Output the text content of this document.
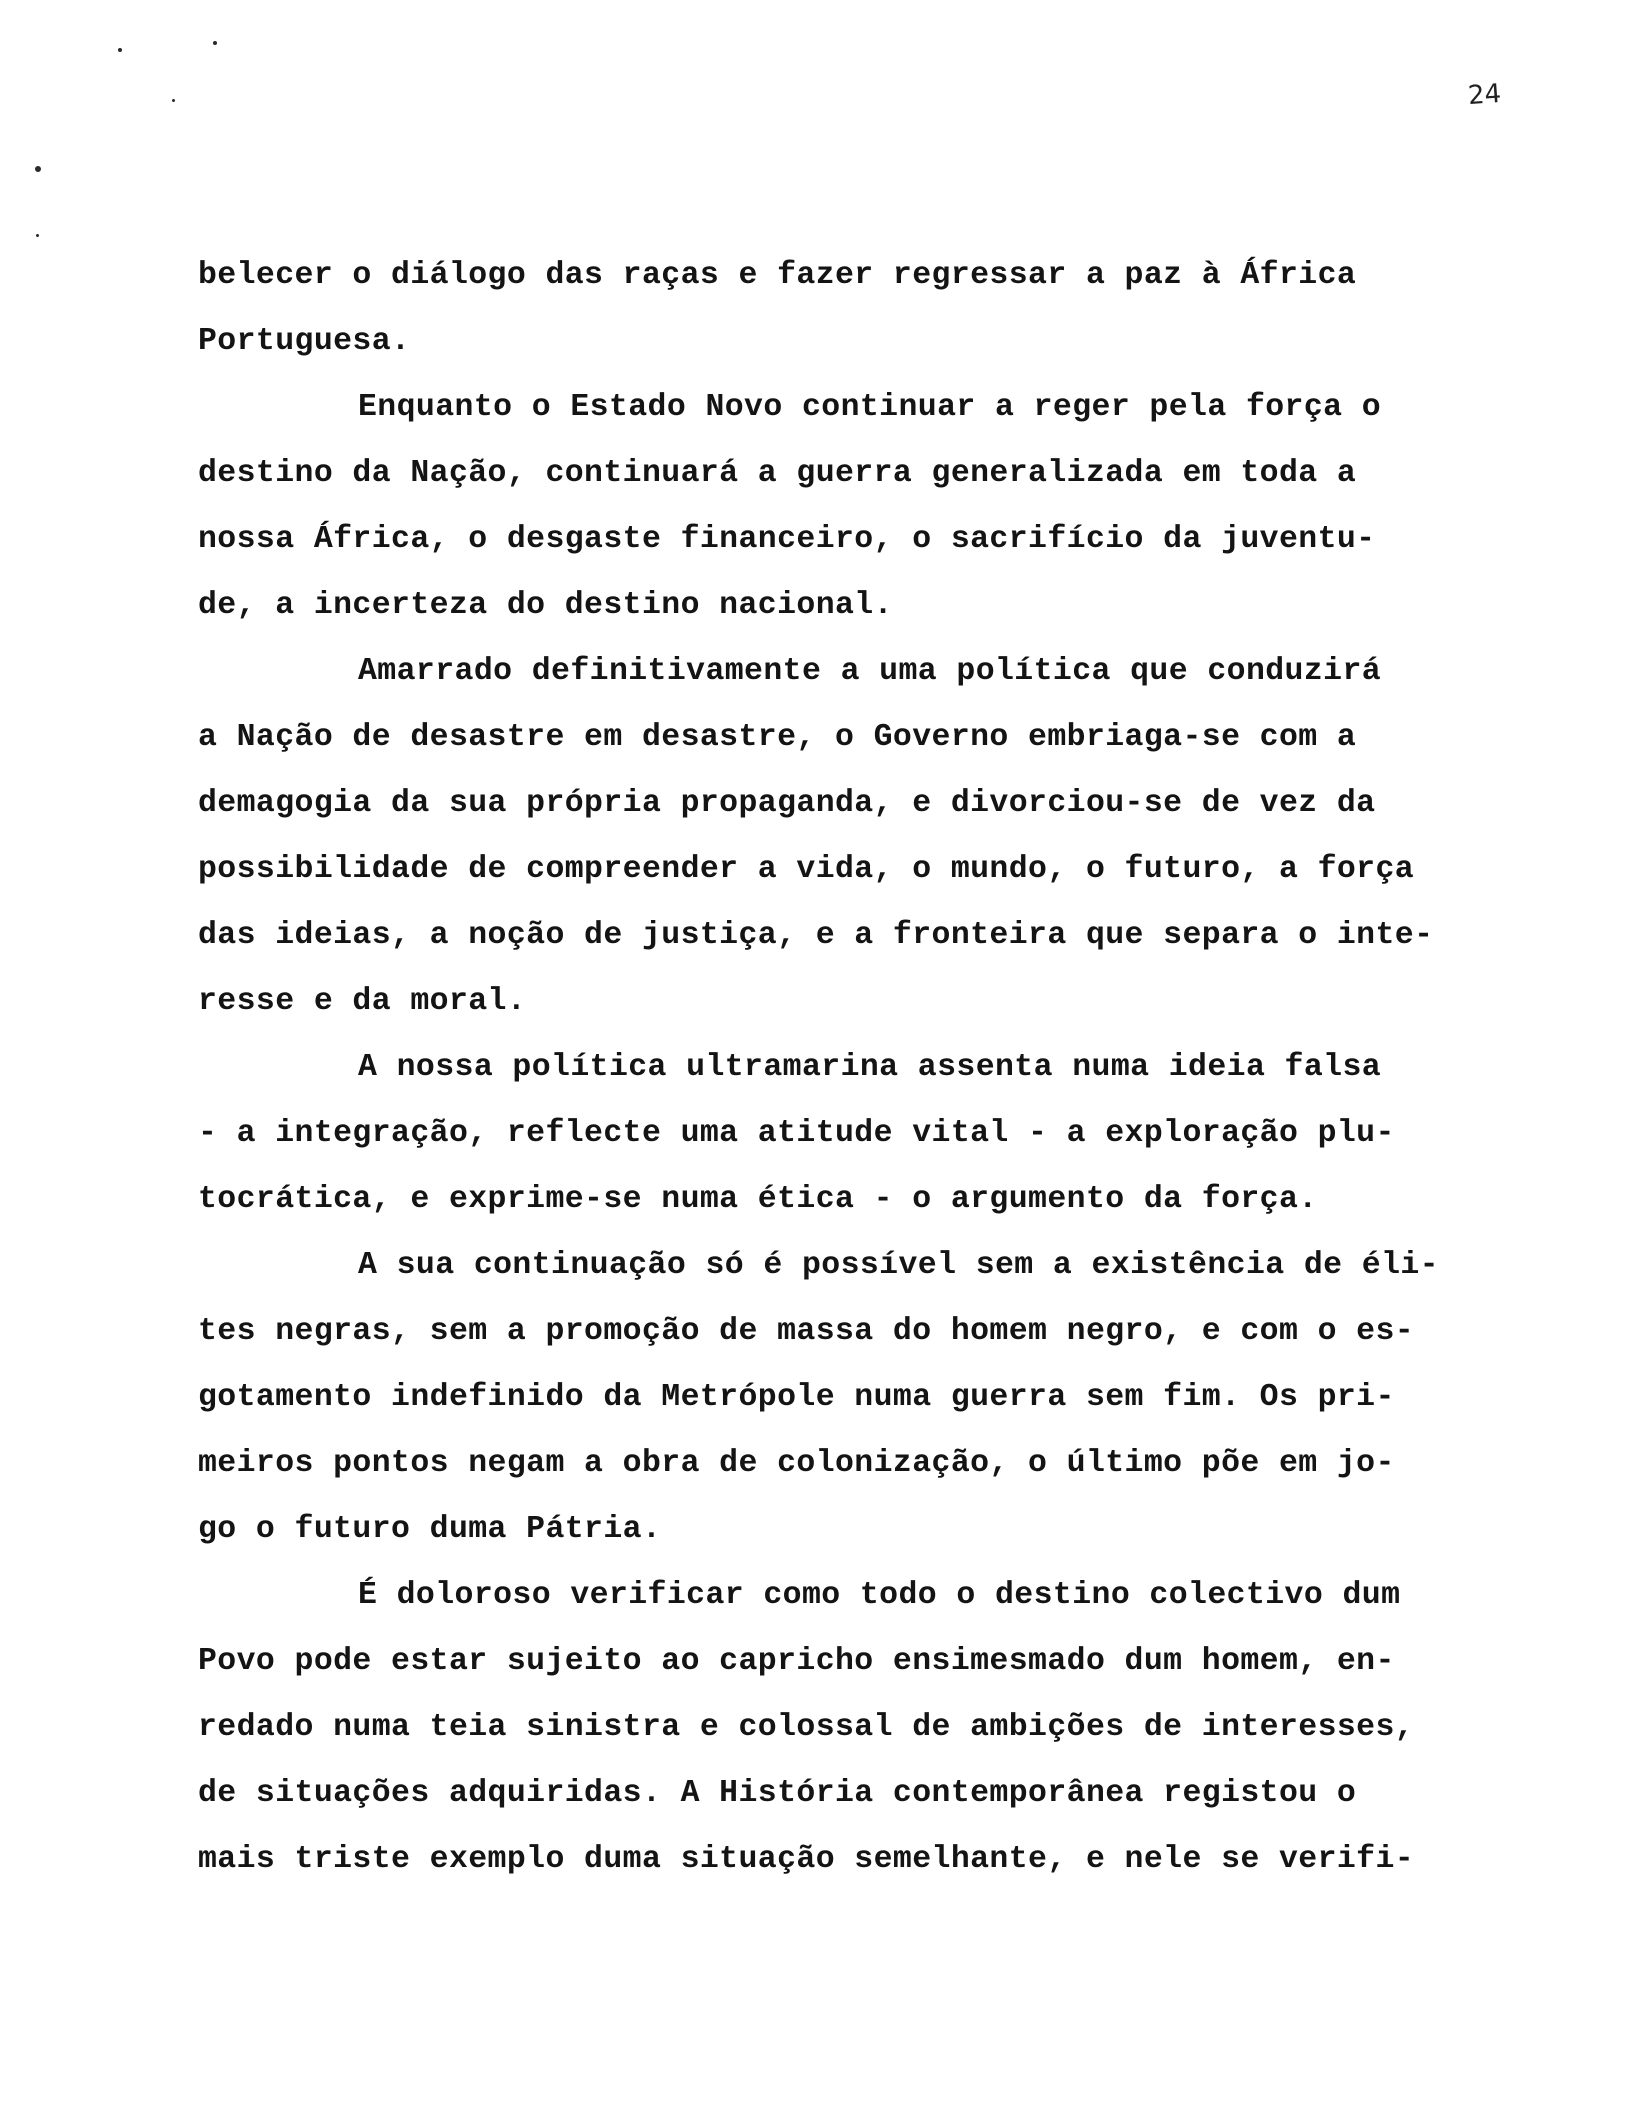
24
belecer o diálogo das raças e fazer regressar a paz à África
Portuguesa.
Enquanto o Estado Novo continuar a reger pela força o
destino da Nação, continuará a guerra generalizada em toda a
nossa África, o desgaste financeiro, o sacrifício da juventu-
de, a incerteza do destino nacional.
Amarrado definitivamente a uma política que conduzirá
a Nação de desastre em desastre, o Governo embriaga-se com a
demagogia da sua própria propaganda, e divorciou-se de vez da
possibilidade de compreender a vida, o mundo, o futuro, a força
das ideias, a noção de justiça, e a fronteira que separa o inte-
resse e da moral.
A nossa política ultramarina assenta numa ideia falsa
- a integração, reflecte uma atitude vital - a exploração plu-
tocrática, e exprime-se numa ética - o argumento da força.
A sua continuação só é possível sem a existência de éli-
tes negras, sem a promoção de massa do homem negro, e com o es-
gotamento indefinido da Metrópole numa guerra sem fim. Os pri-
meiros pontos negam a obra de colonização, o último põe em jo-
go o futuro duma Pátria.
É doloroso verificar como todo o destino colectivo dum
Povo pode estar sujeito ao capricho ensimesmado dum homem, en-
redado numa teia sinistra e colossal de ambições de interesses,
de situações adquiridas. A História contemporânea registou o
mais triste exemplo duma situação semelhante, e nele se verifi-
